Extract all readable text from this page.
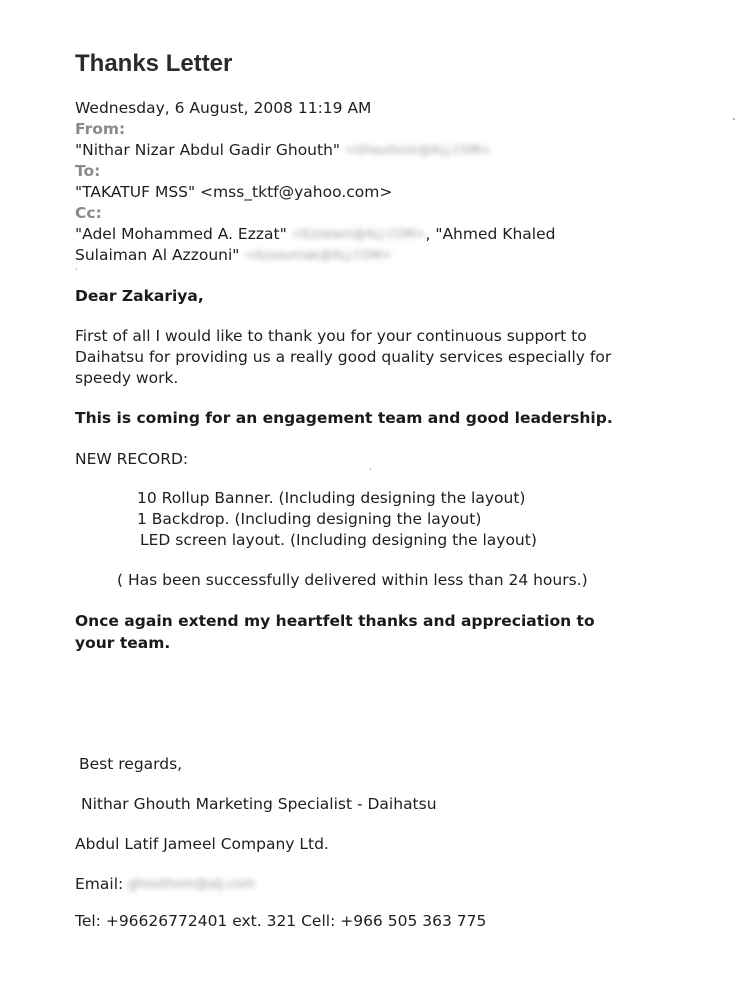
Thanks Letter
Wednesday, 6 August, 2008 11:19 AM
From:
"Nithar Nizar Abdul Gadir Ghouth" <Ghouthnm@ALJ.COM>
To:
"TAKATUF MSS" <mss_tktf@yahoo.com>
Cc:
"Adel Mohammed A. Ezzat" <Ezzatam@ALJ.COM>, "Ahmed Khaled
Sulaiman Al Azzouni" <Azzoumiak@ALJ.COM>
Dear Zakariya,
First of all I would like to thank you for your continuous support to
Daihatsu for providing us a really good quality services especially for
speedy work.
This is coming for an engagement team and good leadership.
NEW RECORD:
10 Rollup Banner. (Including designing the layout)
1 Backdrop. (Including designing the layout)
LED screen layout. (Including designing the layout)
( Has been successfully delivered within less than 24 hours.)
Once again extend my heartfelt thanks and appreciation to
your team.
Best regards,
Nithar Ghouth Marketing Specialist - Daihatsu
Abdul Latif Jameel Company Ltd.
Email: ghouthnm@alj.com
Tel: +96626772401 ext. 321 Cell: +966 505 363 775
